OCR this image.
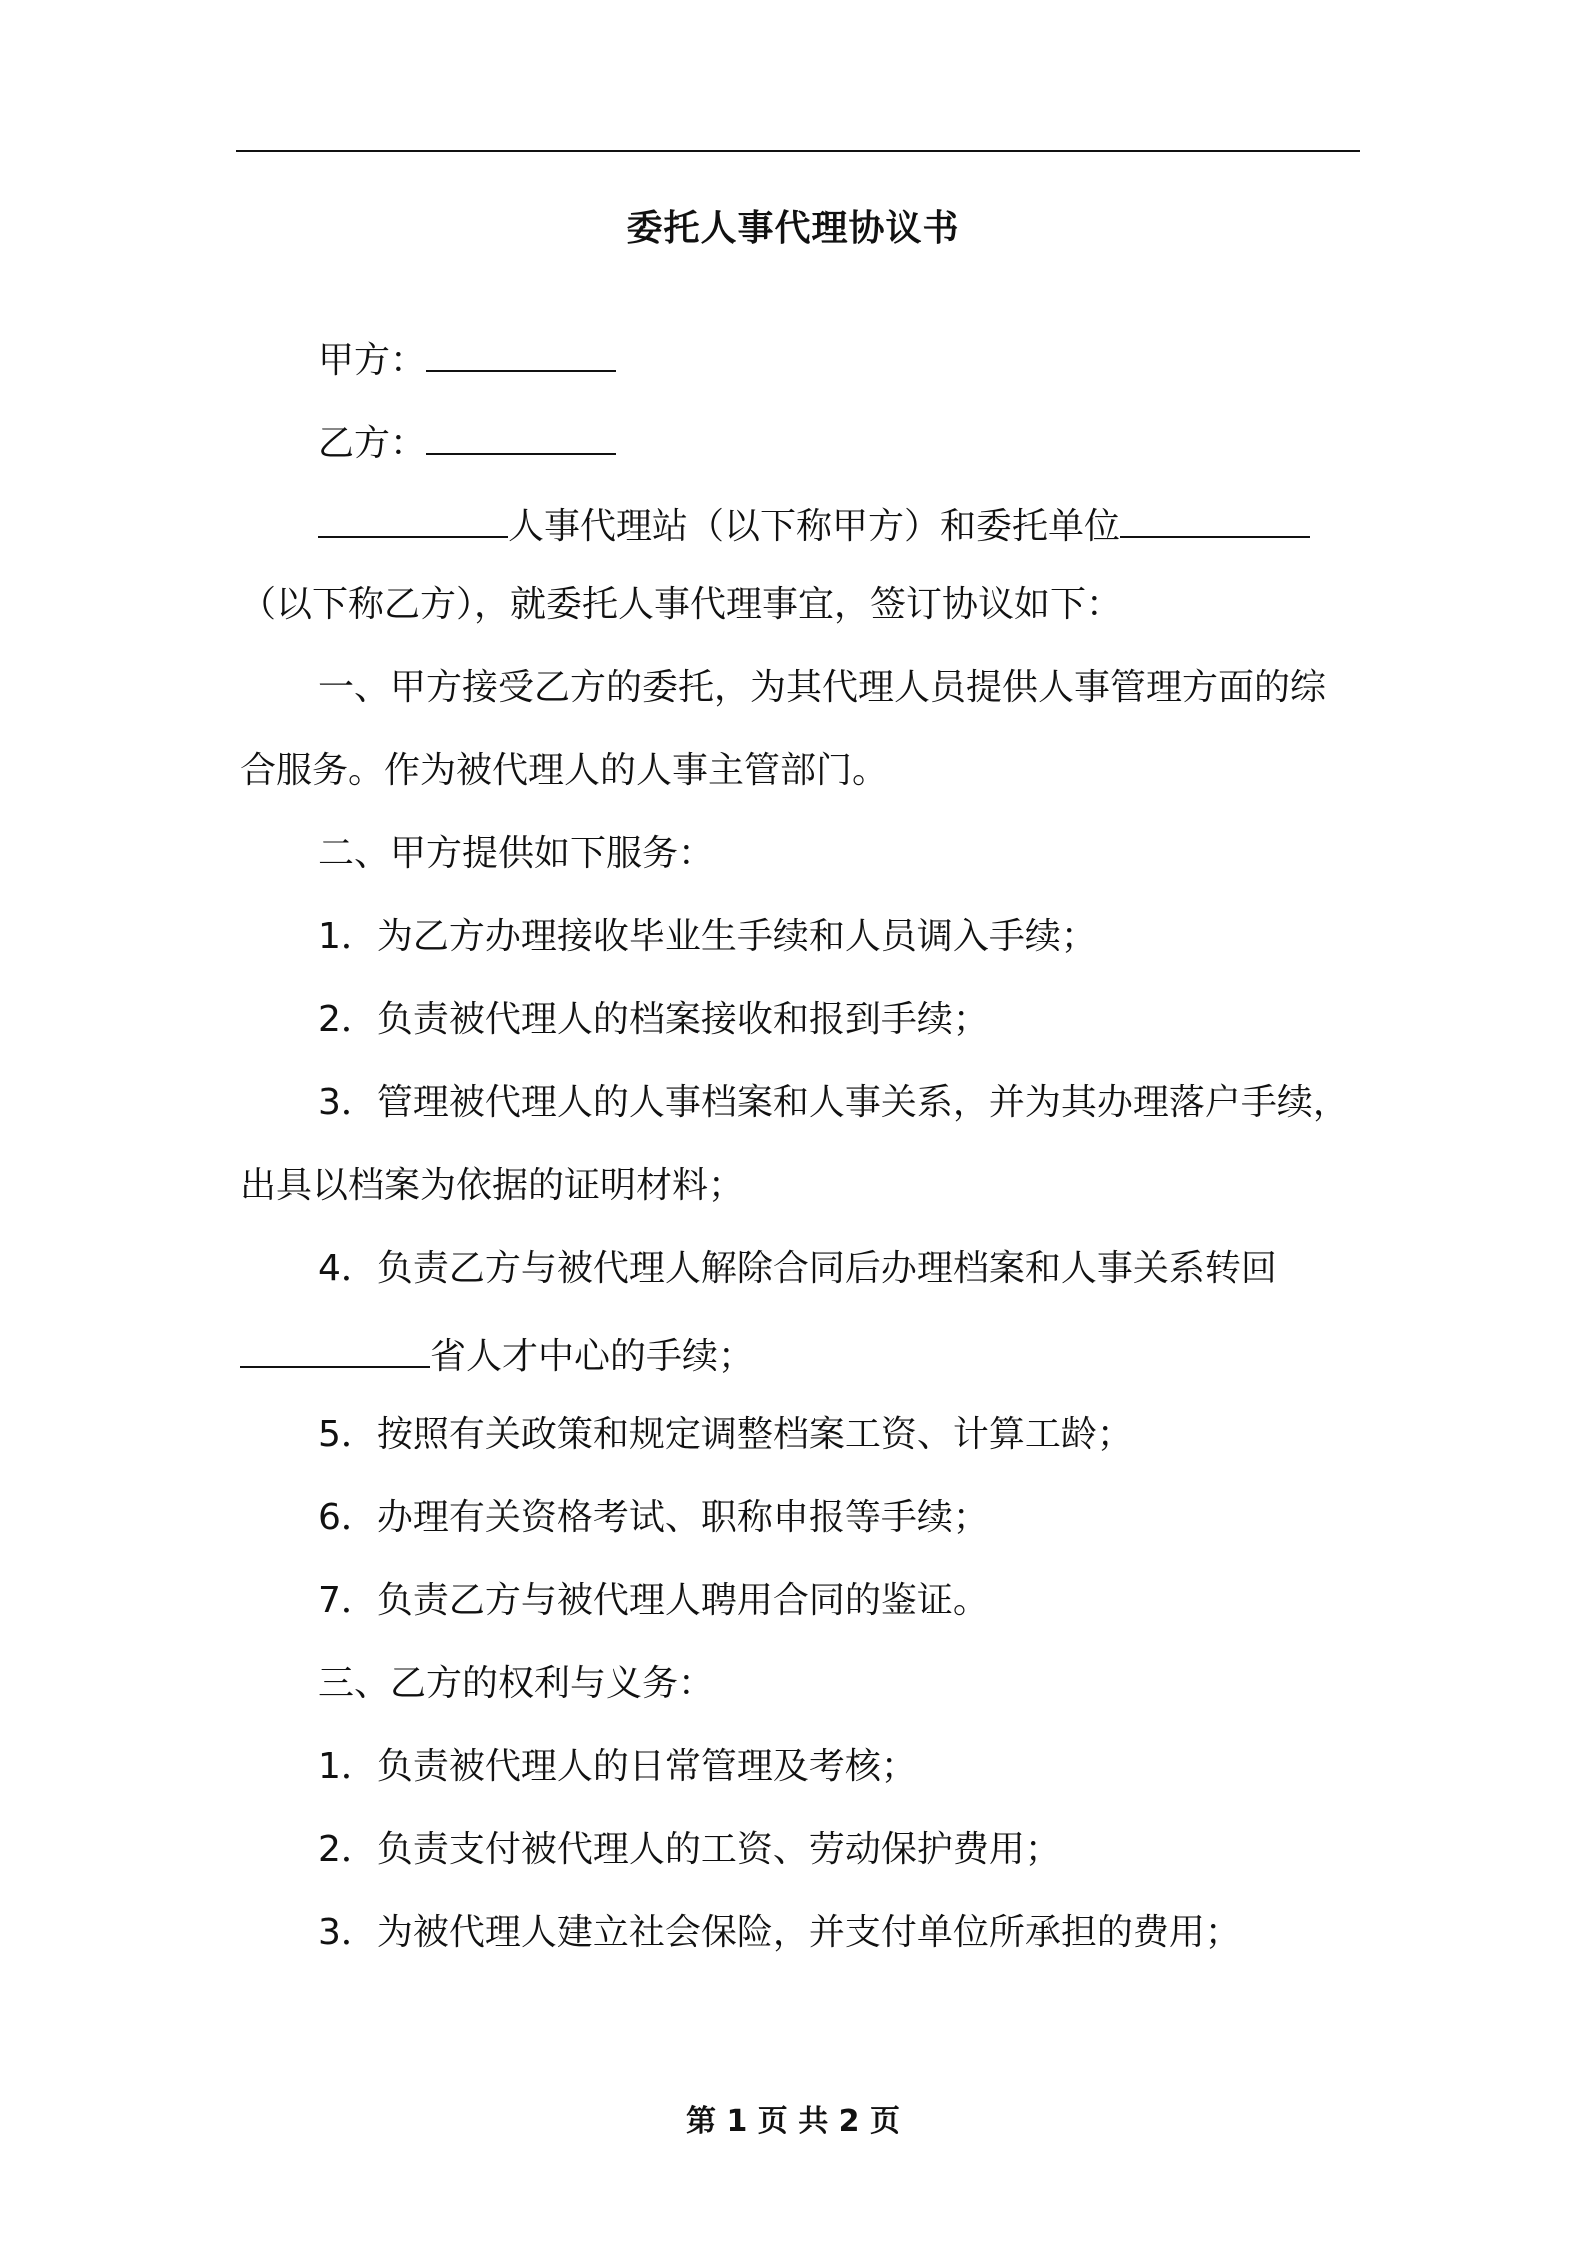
委托人事代理协议书
甲方：
乙方：
人事代理站（以下称甲方）和委托单位
（以下称乙方），就委托人事代理事宜，签订协议如下：
一、甲方接受乙方的委托，为其代理人员提供人事管理方面的综
合服务。作为被代理人的人事主管部门。
二、甲方提供如下服务：
1．为乙方办理接收毕业生手续和人员调入手续；
2．负责被代理人的档案接收和报到手续；
3．管理被代理人的人事档案和人事关系，并为其办理落户手续，
出具以档案为依据的证明材料；
4．负责乙方与被代理人解除合同后办理档案和人事关系转回
省人才中心的手续；
5．按照有关政策和规定调整档案工资、计算工龄；
6．办理有关资格考试、职称申报等手续；
7．负责乙方与被代理人聘用合同的鉴证。
三、乙方的权利与义务：
1．负责被代理人的日常管理及考核；
2．负责支付被代理人的工资、劳动保护费用；
3．为被代理人建立社会保险，并支付单位所承担的费用；
第 1 页 共 2 页
